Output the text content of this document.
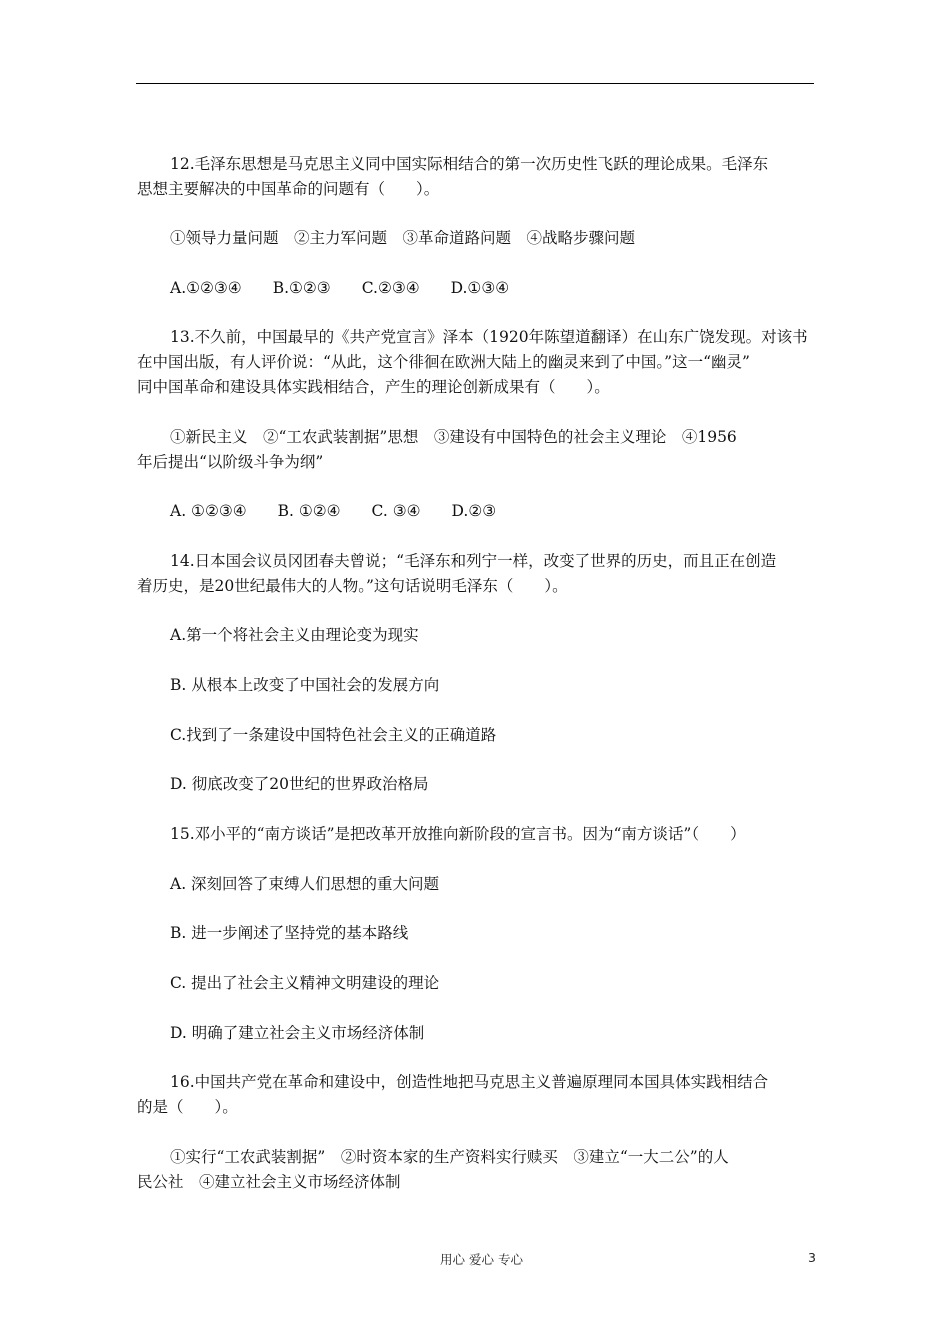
12.毛泽东思想是马克思主义同中国实际相结合的第一次历史性飞跃的理论成果。毛泽东
思想主要解决的中国革命的问题有（　　）。
①领导力量问题　②主力军问题　③革命道路问题　④战略步骤问题
A.①②③④　　B.①②③　　C.②③④　　D.①③④
13.不久前，中国最早的《共产党宣言》泽本（1920年陈望道翻译）在山东广饶发现。对该书
在中国出版，有人评价说：“从此，这个徘徊在欧洲大陆上的幽灵来到了中国。”这一“幽灵”
同中国革命和建设具体实践相结合，产生的理论创新成果有（　　）。
①新民主义　②“工农武装割据”思想　③建设有中国特色的社会主义理论　④1956
年后提出“以阶级斗争为纲”
A. ①②③④　　B. ①②④　　C. ③④　　D.②③
14.日本国会议员冈团春夫曾说；“毛泽东和列宁一样，改变了世界的历史，而且正在创造
着历史，是20世纪最伟大的人物。”这句话说明毛泽东（　　）。
A.第一个将社会主义由理论变为现实
B. 从根本上改变了中国社会的发展方向
C.找到了一条建设中国特色社会主义的正确道路
D. 彻底改变了20世纪的世界政治格局
15.邓小平的“南方谈话”是把改革开放推向新阶段的宣言书。因为“南方谈话”（　　）
A. 深刻回答了束缚人们思想的重大问题
B. 进一步阐述了坚持党的基本路线
C. 提出了社会主义精神文明建设的理论
D. 明确了建立社会主义市场经济体制
16.中国共产党在革命和建设中，创造性地把马克思主义普遍原理同本国具体实践相结合
的是（　　）。
①实行“工农武装割据”　②时资本家的生产资料实行赎买　③建立“一大二公”的人
民公社　④建立社会主义市场经济体制
用心 爱心 专心	3
